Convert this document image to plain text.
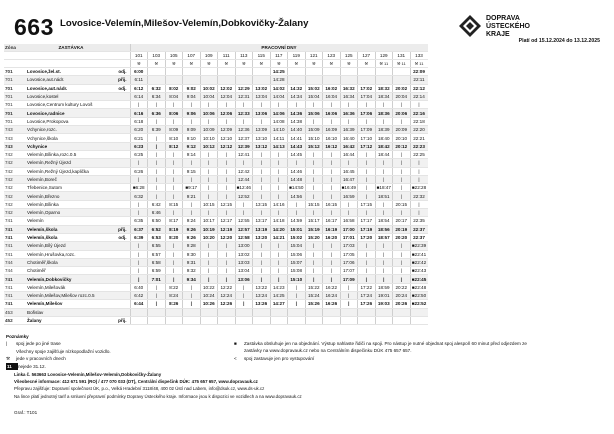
663 Lovosice-Velemín,Milešov-Velemín,Dobkovičky-Žalany	DOPRAVA
ÚSTECKÉHO
KRAJE
Platí od 15.12.2024 do 13.12.2025
Zóna	ZASTÁVKA		PRACOVNÍ DNY																
			101	103	105	107	109	111	113	115	117	119	121	123	125	127	129	131	133
			⚒	⚒	⚒	⚒	⚒	⚒	⚒	⚒	⚒	⚒	⚒	⚒	⚒	⚒	⚒ 11	⚒ 11	⚒ 11
701	Lovosice,žel.st.	odj.	6:00								14:25								22:09
701	Lovosice,aut.nádr.	přij.	6:11								14:28								22:11
701	Lovosice,aut.nádr.	odj.	6:12	6:32	8:02	9:02	10:02	12:02	12:29	13:02	14:02	14:32	15:02	16:02	16:32	17:02	18:32	20:02	22:12
701	Lovosice,kostel		6:14	6:34	8:04	9:04	10:04	12:04	12:31	13:04	14:04	14:34	15:04	16:04	16:34	17:04	18:34	20:04	22:14
701	Lovosice,Centrum kultury Lovoš		|	|	|	|	|	|	|	|	|	|	|	|	|	|	|	|	|
701	Lovosice,radnice		6:16	6:36	8:06	9:06	10:06	12:06	12:33	13:06	14:06	14:36	15:06	16:06	16:36	17:06	18:36	20:06	22:16
701	Lovosice,Prokopova		6:18	|	|	|	|	|	|	|	14:08	14:38	|	|	|	|	|	|	22:18
743	Vchynice,rozc.		6:20	6:39	8:09	9:09	10:09	12:09	12:36	13:09	14:10	14:40	15:09	16:09	16:39	17:09	18:39	20:09	22:20
743	Vchynice,škola		6:21	|	8:10	9:10	10:10	12:10	12:37	13:10	14:11	14:41	15:10	16:10	16:40	17:10	18:40	20:10	22:21
743	Vchynice		6:23	|	8:12	9:12	10:12	12:12	12:39	13:12	14:13	14:43	15:12	16:12	16:42	17:12	18:42	20:12	22:23
742	Velemín,Bílinka,rozc.0.5		6:25	|	|	9:14	|	|	12:41	|	|	14:45	|	|	16:44	|	18:44	|	22:25
742	Velemín,Režný Újezd		|	|	|	|	|	|	|	|	|	|	|	|	|	|	|	|	|
742	Velemín,Režný Újezd,kaplička		6:26	|	|	9:15	|	|	12:42	|	|	14:46	|	|	16:45	|	|	|	|
742	Velemín,Boreč		|	|	|	|	|	|	12:44	|	|	14:48	|	|	16:47	|	|	|	|
742	Třebenice,Sutom		■6:28	|	|	■9:17	|	|	■12:46	|	|	■14:50	|	|	■16:49	|	■18:47	|	■22:28
742	Velemín,Březno		6:32	|	|	9:21	|	|	12:52	|	|	14:56	|	|	16:59	|	18:51	|	22:32
742	Velemín,Bílinka		|	6:42	8:15	|	10:15	12:15	|	13:15	14:16	|	15:15	16:15	|	17:15	|	20:15	|
742	Velemín,Oparno		|	6:46	|	|	|	|	|	|	|	|	|	|	|	|	|	|	|
741	Velemín		6:35	6:50	8:17	9:24	10:17	12:17	12:55	13:17	14:18	14:59	15:17	16:17	16:58	17:17	18:54	20:17	22:35
741	Velemín,škola	přij.	6:37	6:52	8:19	9:26	10:19	12:19	12:57	13:19	14:20	15:01	15:19	16:19	17:00	17:19	18:56	20:19	22:37
741	Velemín,škola	odj.	6:39	6:53	8:20	9:26	10:20	12:20	12:58	13:20	14:21	15:02	15:20	16:20	17:01	17:20	18:57	20:20	22:37
741	Velemín,Bílý Újezd		|	6:55	|	9:28	|	|	13:00	|	|	15:04	|	|	17:03	|	|	|	■22:39
741	Velemín,Hrušovka,rozc.		|	6:57	|	9:30	|	|	13:02	|	|	15:06	|	|	17:05	|	|	|	■22:41
744	Chotiměř,škola		|	6:58	|	9:31	|	|	13:03	|	|	15:07	|	|	17:06	|	|	|	■22:42
744	Chotiměř		|	6:59	|	9:32	|	|	13:04	|	|	15:08	|	|	17:07	|	|	|	■22:43
741	Velemín,Dobkovičky		|	7:01	|	9:34	|	|	13:06	|	|	15:10	|	|	17:09	|	|	|	■22:45
741	Velemín,Milešovák		6:40	|	8:22	|	10:22	12:22	|	13:22	14:23	|	15:22	16:22	|	17:22	18:59	20:22	■22:48
741	Velemín,Milešov,Milešov rozc.0.5		6:42	|	8:24	|	10:24	12:24	|	13:24	14:25	|	15:24	16:24	|	17:24	19:01	20:24	■22:50
741	Velemín,Milešov		6:44	|	8:26	|	10:26	12:26	|	13:26	14:27	|	15:26	16:26	|	17:26	19:03	20:26	■22:52
453	Bořislav																		
452	Žalany	přij.																	
Poznámky
| spoj jede po jiné trase
Všechny spoje zajišťuje nízkopodlažní vozidlo.
⚒ jede v pracovních dnech
11 nejede 31.12.
■	Zastávka obsluhuje jen na objednání. Výstup nahlaste řidiči na spoji. Pro nástup je nutné objednat spoj alespoň 60 minut před odjezdem ze zastávky na www.dopravauk.cz nebo na Centrálním dispečinku DÚK 475 657 657.
<	spoj zastavuje jen pro vystupování
Linka č. 563663 Lovosice-Velemín,Milešov-Velemín,Dobkovičky-Žalany
Všeobecné informace: 412 671 591 (RO) / 477 070 033 (DT), Centrální dispečink DÚK: 475 657 657, www.dopravauk.cz
Přepravu zajišťuje: Dopravní společnost ÚK, p.o., Velká Hradební 3118/48, 400 02 Ústí nad Labem, info@dsuk.cz, www.ds-uk.cz
Na lince platí jednotný tarif a smluvní přepravní podmínky Dopravy Ústeckého kraje. Informace jsou k dispozici ve vozidlech a na www.dopravauk.cz
Graf.: T101
